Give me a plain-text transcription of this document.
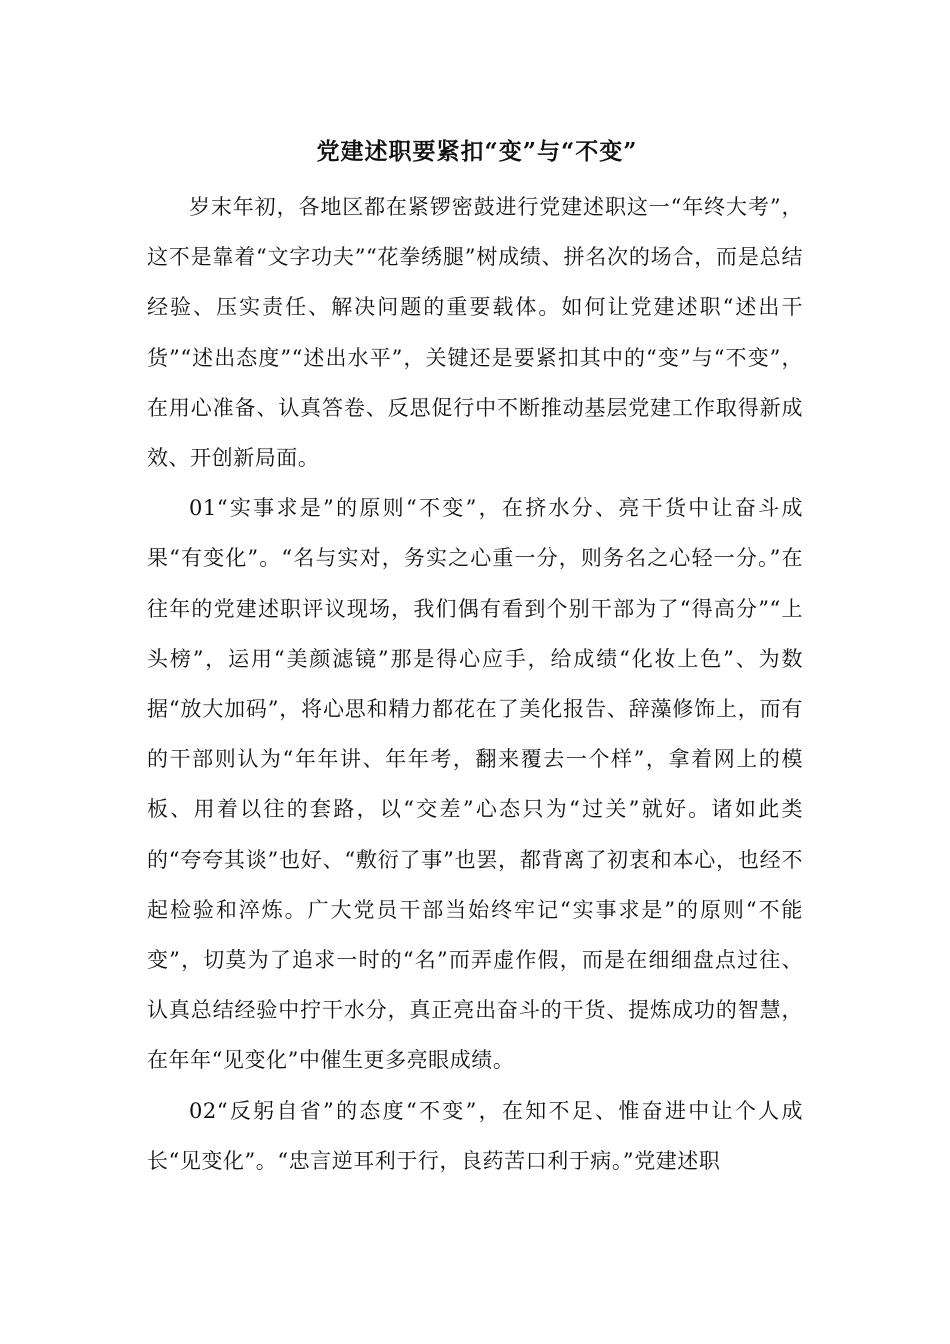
党建述职要紧扣“变”与“不变”

岁末年初，各地区都在紧锣密鼓进行党建述职这一“年终大考”，这不是靠着“文字功夫”“花拳绣腿”树成绩、拼名次的场合，而是总结经验、压实责任、解决问题的重要载体。如何让党建述职“述出干货”“述出态度”“述出水平”，关键还是要紧扣其中的“变”与“不变”，在用心准备、认真答卷、反思促行中不断推动基层党建工作取得新成效、开创新局面。

01“实事求是”的原则“不变”，在挤水分、亮干货中让奋斗成果“有变化”。“名与实对，务实之心重一分，则务名之心轻一分。”在往年的党建述职评议现场，我们偶有看到个别干部为了“得高分”“上头榜”，运用“美颜滤镜”那是得心应手，给成绩“化妆上色”、为数据“放大加码”，将心思和精力都花在了美化报告、辞藻修饰上，而有的干部则认为“年年讲、年年考，翻来覆去一个样”，拿着网上的模板、用着以往的套路，以“交差”心态只为“过关”就好。诸如此类的“夸夸其谈”也好、“敷衍了事”也罢，都背离了初衷和本心，也经不起检验和淬炼。广大党员干部当始终牢记“实事求是”的原则“不能变”，切莫为了追求一时的“名”而弄虚作假，而是在细细盘点过往、认真总结经验中拧干水分，真正亮出奋斗的干货、提炼成功的智慧，在年年“见变化”中催生更多亮眼成绩。

02“反躬自省”的态度“不变”，在知不足、惟奋进中让个人成长“见变化”。“忠言逆耳利于行，良药苦口利于病。”党建述职
